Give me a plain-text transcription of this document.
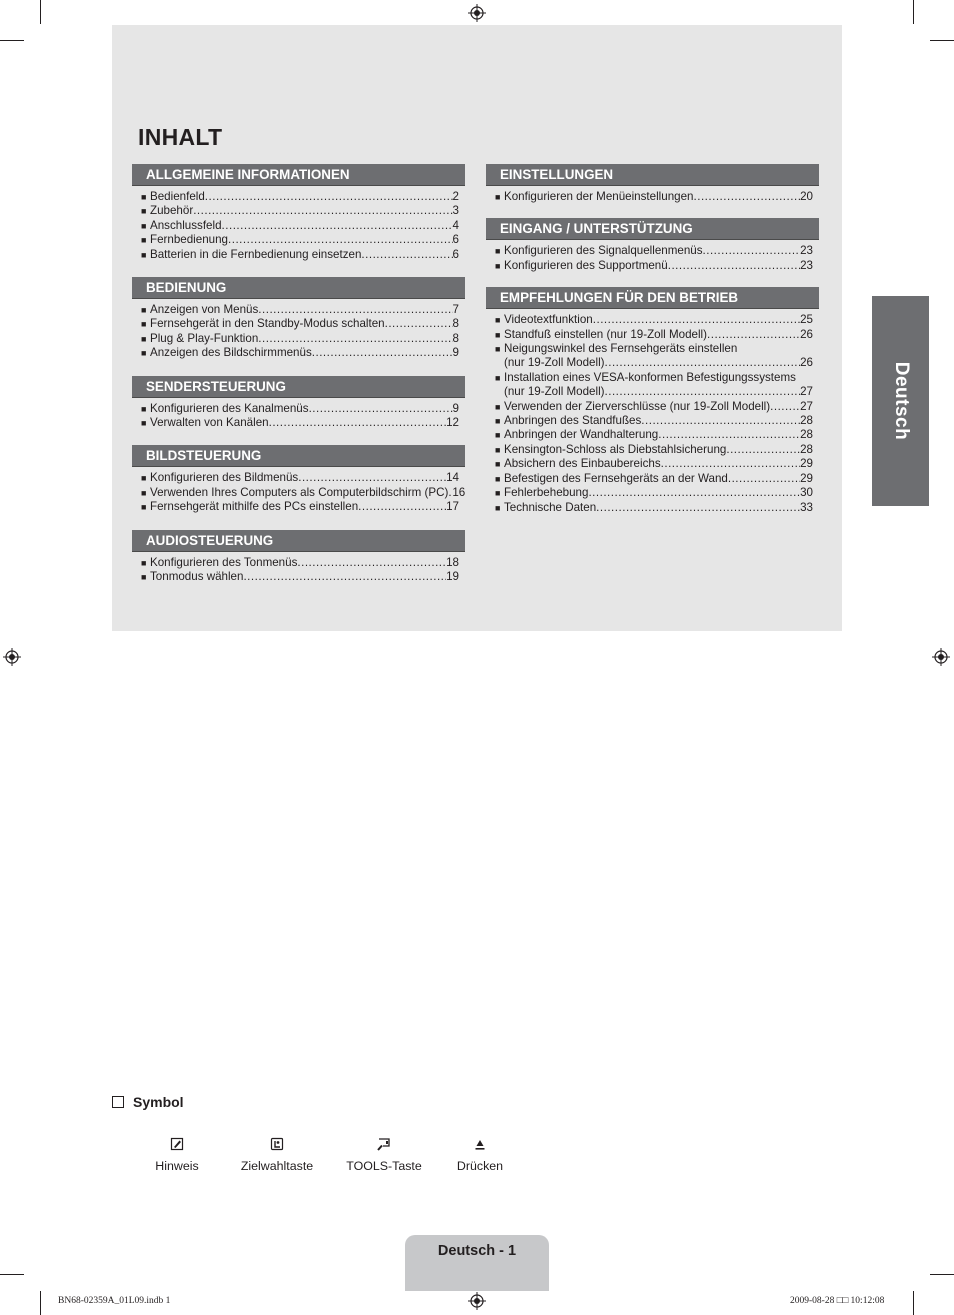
INHALT
ALLGEMEINE INFORMATIONEN
■ Bedienfeld .....	2
■ Zubehör .....	3
■ Anschlussfeld .....	4
■ Fernbedienung .....	6
■ Batterien in die Fernbedienung einsetzen .....	6
BEDIENUNG
■ Anzeigen von Menüs .....	7
■ Fernsehgerät in den Standby-Modus schalten .....	8
■ Plug & Play-Funktion .....	8
■ Anzeigen des Bildschirmmenüs .....	9
SENDERSTEUERUNG
■ Konfigurieren des Kanalmenüs .....	9
■ Verwalten von Kanälen .....	12
BILDSTEUERUNG
■ Konfigurieren des Bildmenüs .....	14
■ Verwenden Ihres Computers als Computerbildschirm (PC) ..... 16
■ Fernsehgerät mithilfe des PCs einstellen .....	17
AUDIOSTEUERUNG
■ Konfigurieren des Tonmenüs .....	18
■ Tonmodus wählen .....	19
EINSTELLUNGEN
■ Konfigurieren der Menüeinstellungen .....	20
EINGANG / UNTERSTÜTZUNG
■ Konfigurieren des Signalquellenmenüs .....	23
■ Konfigurieren des Supportmenü .....	23
EMPFEHLUNGEN FÜR DEN BETRIEB
■ Videotextfunktion .....	25
■ Standfuß einstellen (nur 19-Zoll Modell) .....	26
■ Neigungswinkel des Fernsehgeräts einstellen
(nur 19-Zoll Modell) .....	26
■ Installation eines VESA-konformen Befestigungssystems
(nur 19-Zoll Modell) .....	27
■ Verwenden der Zierverschlüsse (nur 19-Zoll Modell) .....	27
■ Anbringen des Standfußes .....	28
■ Anbringen der Wandhalterung .....	28
■ Kensington-Schloss als Diebstahlsicherung .....	28
■ Absichern des Einbaubereichs .....	29
■ Befestigen des Fernsehgeräts an der Wand .....	29
■ Fehlerbehebung .....	30
■ Technische Daten .....	33
Deutsch
Symbol
Hinweis	Zielwahltaste	TOOLS-Taste	Drücken
Deutsch - 1
BN68-02359A_01L09.indb 1	2009-08-28 □□ 10:12:08
